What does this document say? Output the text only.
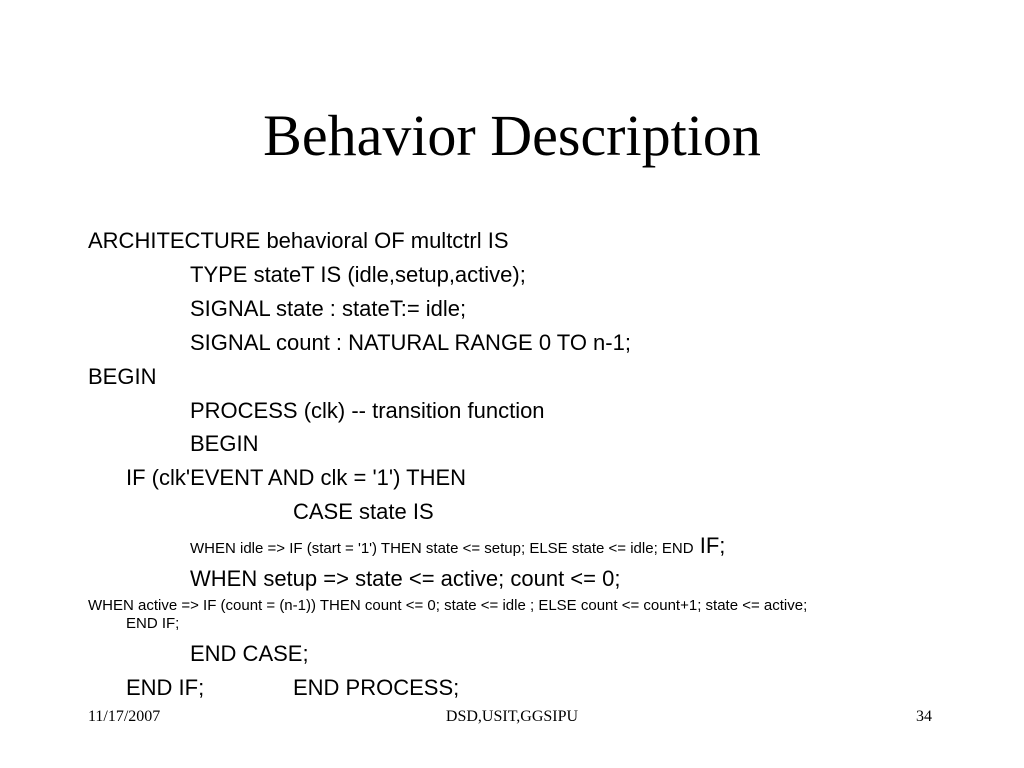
Behavior Description
ARCHITECTURE behavioral OF multctrl IS
TYPE stateT IS (idle,setup,active);
SIGNAL state : stateT:= idle;
SIGNAL count : NATURAL RANGE 0 TO n-1;
BEGIN
PROCESS (clk) -- transition function
BEGIN
IF (clk'EVENT AND clk = '1') THEN
CASE state IS
WHEN idle => IF (start = '1') THEN state <= setup; ELSE state <= idle; END IF;
WHEN setup => state <= active; count <= 0;
WHEN active => IF (count = (n-1)) THEN count <= 0; state <= idle ; ELSE count <= count+1; state <= active;
END IF;
END CASE;
END IF;	END PROCESS;
11/17/2007	DSD,USIT,GGSIPU	34
